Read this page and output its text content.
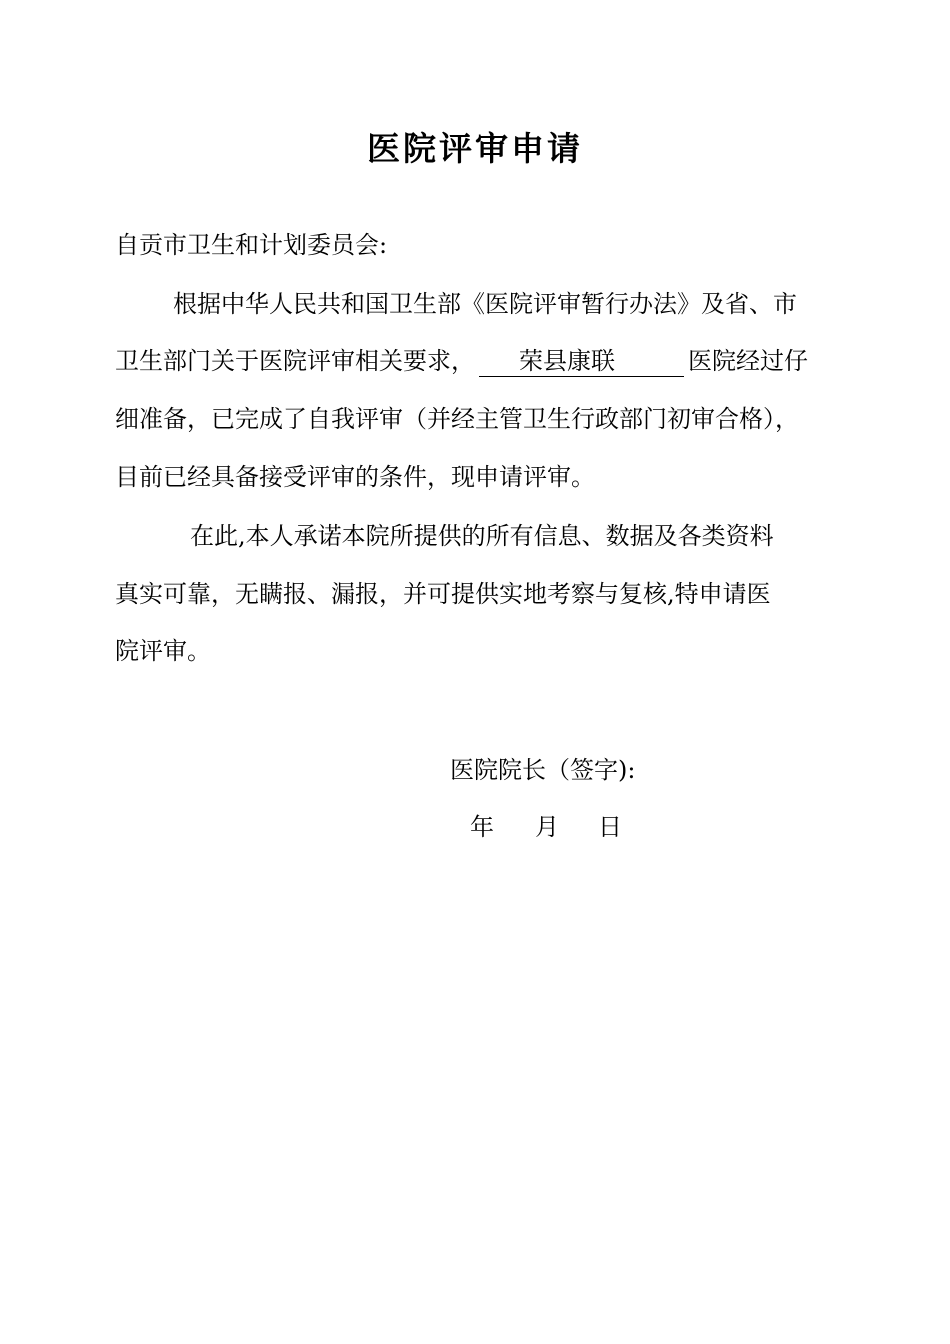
医院评审申请

自贡市卫生和计划委员会:

根据中华人民共和国卫生部《医院评审暂行办法》及省、市

卫生部门关于医院评审相关要求， 荣县康联	医院经过仔

细准备，已完成了自我评审（并经主管卫生行政部门初审合格），

目前已经具备接受评审的条件，现申请评审。

在此,本人承诺本院所提供的所有信息、数据及各类资料

真实可靠，无瞒报、漏报，并可提供实地考察与复核,特申请医

院评审。

医院院长（签字):

年 月 日
